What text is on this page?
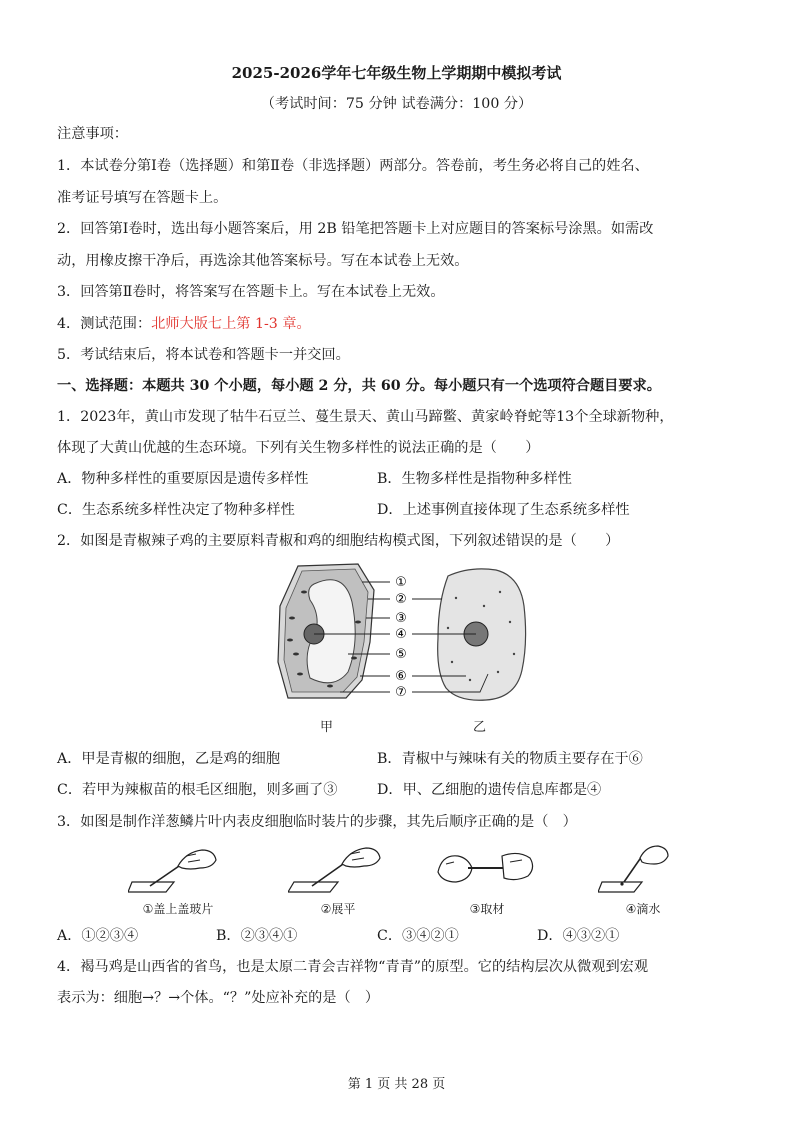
2025-2026学年七年级生物上学期期中模拟考试
（考试时间：75 分钟 试卷满分：100 分）
注意事项：
1．本试卷分第Ⅰ卷（选择题）和第Ⅱ卷（非选择题）两部分。答卷前，考生务必将自己的姓名、
准考证号填写在答题卡上。
2．回答第Ⅰ卷时，选出每小题答案后，用 2B 铅笔把答题卡上对应题目的答案标号涂黑。如需改
动，用橡皮擦干净后，再选涂其他答案标号。写在本试卷上无效。
3．回答第Ⅱ卷时，将答案写在答题卡上。写在本试卷上无效。
4．测试范围：北师大版七上第 1-3 章。
5．考试结束后，将本试卷和答题卡一并交回。
一、选择题：本题共 30 个小题，每小题 2 分，共 60 分。每小题只有一个选项符合题目要求。
1．2023年，黄山市发现了牯牛石豆兰、蔓生景天、黄山马蹄鳖、黄家岭脊蛇等13个全球新物种，
体现了大黄山优越的生态环境。下列有关生物多样性的说法正确的是（　　）
A．物种多样性的重要原因是遗传多样性	B．生物多样性是指物种多样性
C．生态系统多样性决定了物种多样性	D．上述事例直接体现了生态系统多样性
2．如图是青椒辣子鸡的主要原料青椒和鸡的细胞结构模式图，下列叙述错误的是（　　）
①
②
③
④
⑤
⑥
⑦
甲	乙
A．甲是青椒的细胞，乙是鸡的细胞	B．青椒中与辣味有关的物质主要存在于⑥
C．若甲为辣椒苗的根毛区细胞，则多画了③	D．甲、乙细胞的遗传信息库都是④
3．如图是制作洋葱鳞片叶内表皮细胞临时装片的步骤，其先后顺序正确的是（　）
①盖上盖玻片	②展平	③取材	④滴水
A．①②③④	B．②③④①	C．③④②①	D．④③②①
4．褐马鸡是山西省的省鸟，也是太原二青会吉祥物“青青”的原型。它的结构层次从微观到宏观
表示为：细胞→？→个体。“？”处应补充的是（　）
第 1 页 共 28 页
